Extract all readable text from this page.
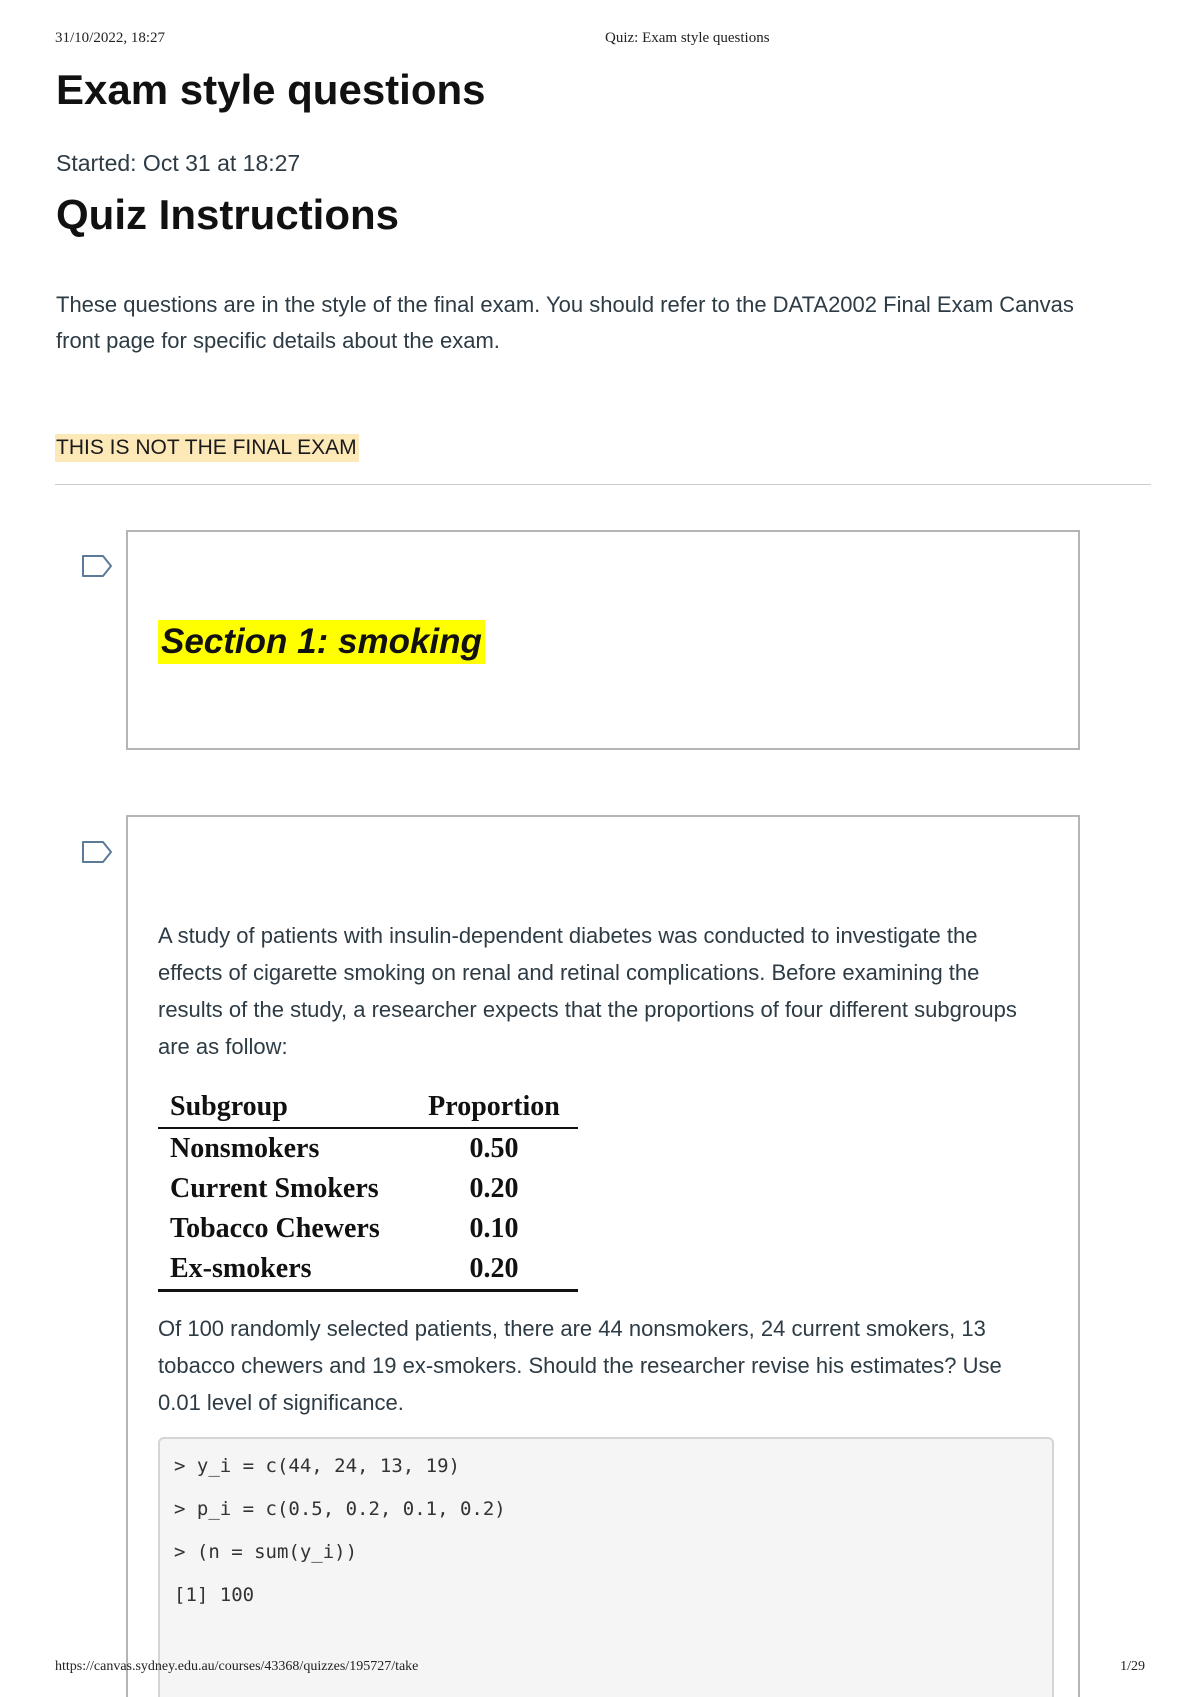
31/10/2022, 18:27	Quiz: Exam style questions
Exam style questions
Started: Oct 31 at 18:27
Quiz Instructions
These questions are in the style of the final exam. You should refer to the DATA2002 Final Exam Canvas front page for specific details about the exam.
THIS IS NOT THE FINAL EXAM
Section 1: smoking
A study of patients with insulin-dependent diabetes was conducted to investigate the effects of cigarette smoking on renal and retinal complications. Before examining the results of the study, a researcher expects that the proportions of four different subgroups are as follow:
Subgroup	Proportion
Nonsmokers	0.50
Current Smokers	0.20
Tobacco Chewers	0.10
Ex-smokers	0.20
Of 100 randomly selected patients, there are 44 nonsmokers, 24 current smokers, 13 tobacco chewers and 19 ex-smokers. Should the researcher revise his estimates? Use 0.01 level of significance.
> y_i = c(44, 24, 13, 19)
> p_i = c(0.5, 0.2, 0.1, 0.2)
> (n = sum(y_i))
[1] 100
https://canvas.sydney.edu.au/courses/43368/quizzes/195727/take	1/29
